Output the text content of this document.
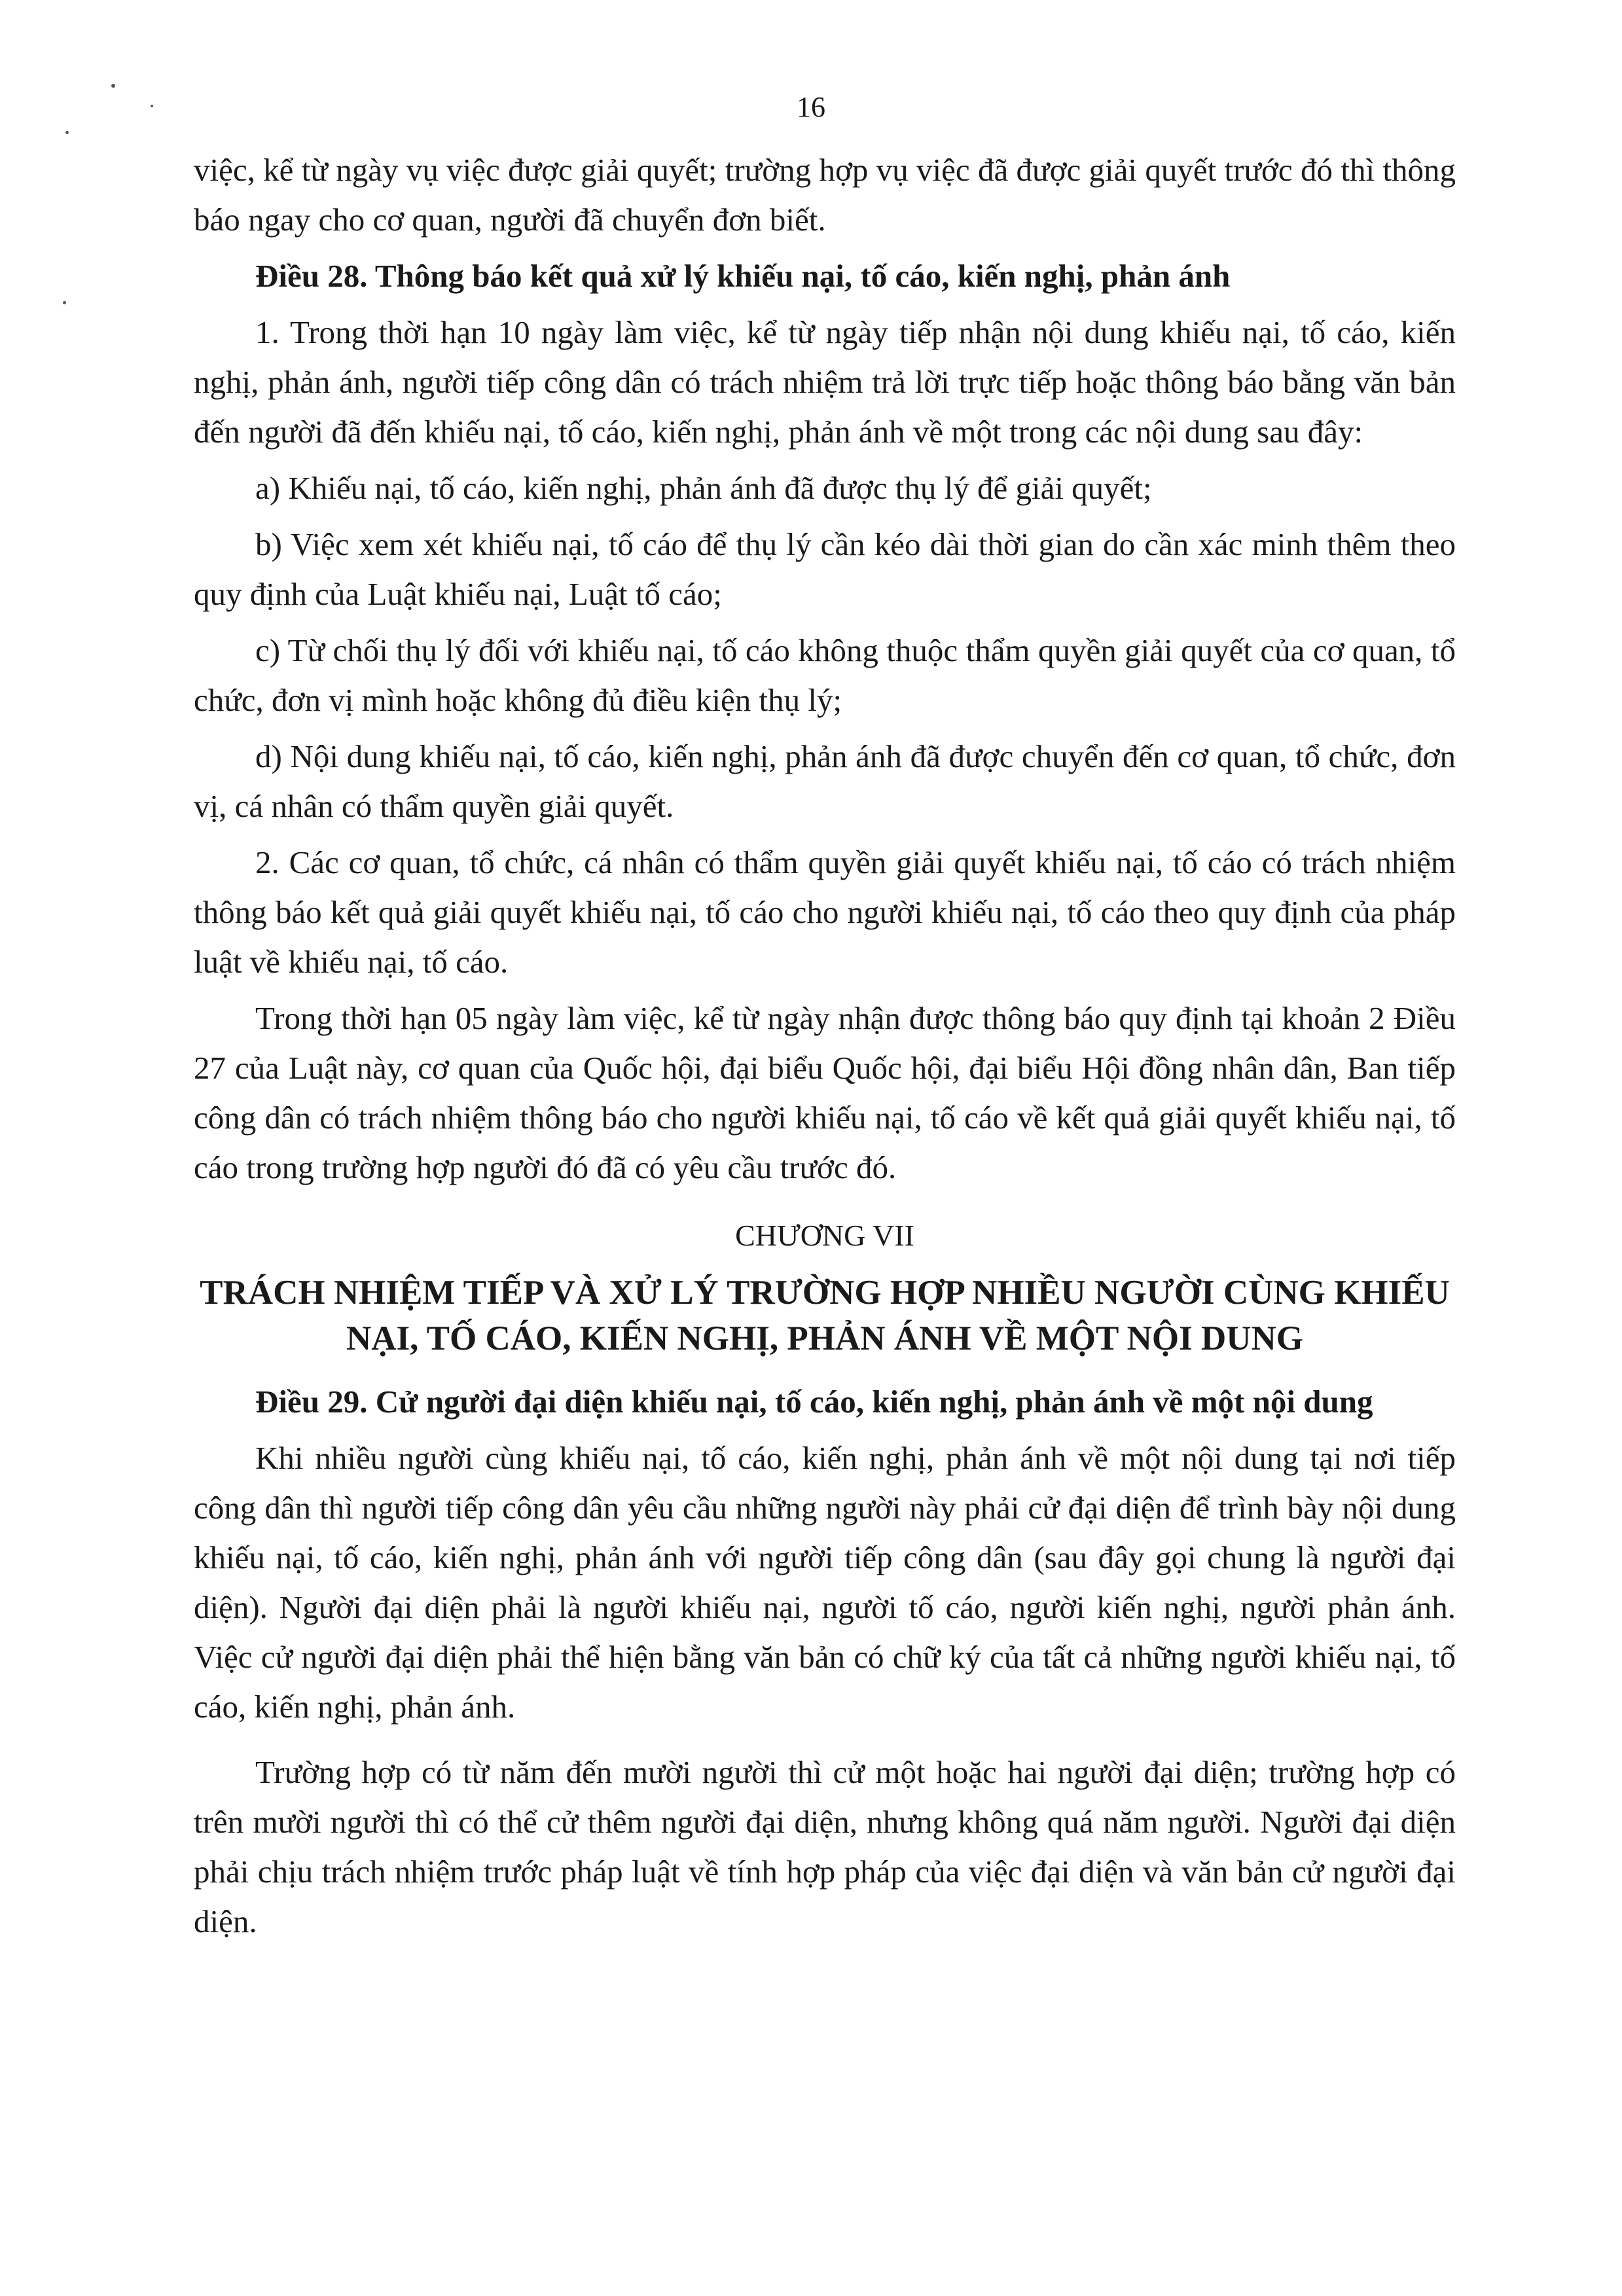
16

việc, kể từ ngày vụ việc được giải quyết; trường hợp vụ việc đã được giải quyết trước đó thì thông báo ngay cho cơ quan, người đã chuyển đơn biết.

Điều 28. Thông báo kết quả xử lý khiếu nại, tố cáo, kiến nghị, phản ánh

1. Trong thời hạn 10 ngày làm việc, kể từ ngày tiếp nhận nội dung khiếu nại, tố cáo, kiến nghị, phản ánh, người tiếp công dân có trách nhiệm trả lời trực tiếp hoặc thông báo bằng văn bản đến người đã đến khiếu nại, tố cáo, kiến nghị, phản ánh về một trong các nội dung sau đây:

a) Khiếu nại, tố cáo, kiến nghị, phản ánh đã được thụ lý để giải quyết;

b) Việc xem xét khiếu nại, tố cáo để thụ lý cần kéo dài thời gian do cần xác minh thêm theo quy định của Luật khiếu nại, Luật tố cáo;

c) Từ chối thụ lý đối với khiếu nại, tố cáo không thuộc thẩm quyền giải quyết của cơ quan, tổ chức, đơn vị mình hoặc không đủ điều kiện thụ lý;

d) Nội dung khiếu nại, tố cáo, kiến nghị, phản ánh đã được chuyển đến cơ quan, tổ chức, đơn vị, cá nhân có thẩm quyền giải quyết.

2. Các cơ quan, tổ chức, cá nhân có thẩm quyền giải quyết khiếu nại, tố cáo có trách nhiệm thông báo kết quả giải quyết khiếu nại, tố cáo cho người khiếu nại, tố cáo theo quy định của pháp luật về khiếu nại, tố cáo.

Trong thời hạn 05 ngày làm việc, kể từ ngày nhận được thông báo quy định tại khoản 2 Điều 27 của Luật này, cơ quan của Quốc hội, đại biểu Quốc hội, đại biểu Hội đồng nhân dân, Ban tiếp công dân có trách nhiệm thông báo cho người khiếu nại, tố cáo về kết quả giải quyết khiếu nại, tố cáo trong trường hợp người đó đã có yêu cầu trước đó.

CHƯƠNG VII

TRÁCH NHIỆM TIẾP VÀ XỬ LÝ TRƯỜNG HỢP NHIỀU NGƯỜI CÙNG KHIẾU NẠI, TỐ CÁO, KIẾN NGHỊ, PHẢN ÁNH VỀ MỘT NỘI DUNG

Điều 29. Cử người đại diện khiếu nại, tố cáo, kiến nghị, phản ánh về một nội dung

Khi nhiều người cùng khiếu nại, tố cáo, kiến nghị, phản ánh về một nội dung tại nơi tiếp công dân thì người tiếp công dân yêu cầu những người này phải cử đại diện để trình bày nội dung khiếu nại, tố cáo, kiến nghị, phản ánh với người tiếp công dân (sau đây gọi chung là người đại diện). Người đại diện phải là người khiếu nại, người tố cáo, người kiến nghị, người phản ánh. Việc cử người đại diện phải thể hiện bằng văn bản có chữ ký của tất cả những người khiếu nại, tố cáo, kiến nghị, phản ánh.

Trường hợp có từ năm đến mười người thì cử một hoặc hai người đại diện; trường hợp có trên mười người thì có thể cử thêm người đại diện, nhưng không quá năm người. Người đại diện phải chịu trách nhiệm trước pháp luật về tính hợp pháp của việc đại diện và văn bản cử người đại diện.
